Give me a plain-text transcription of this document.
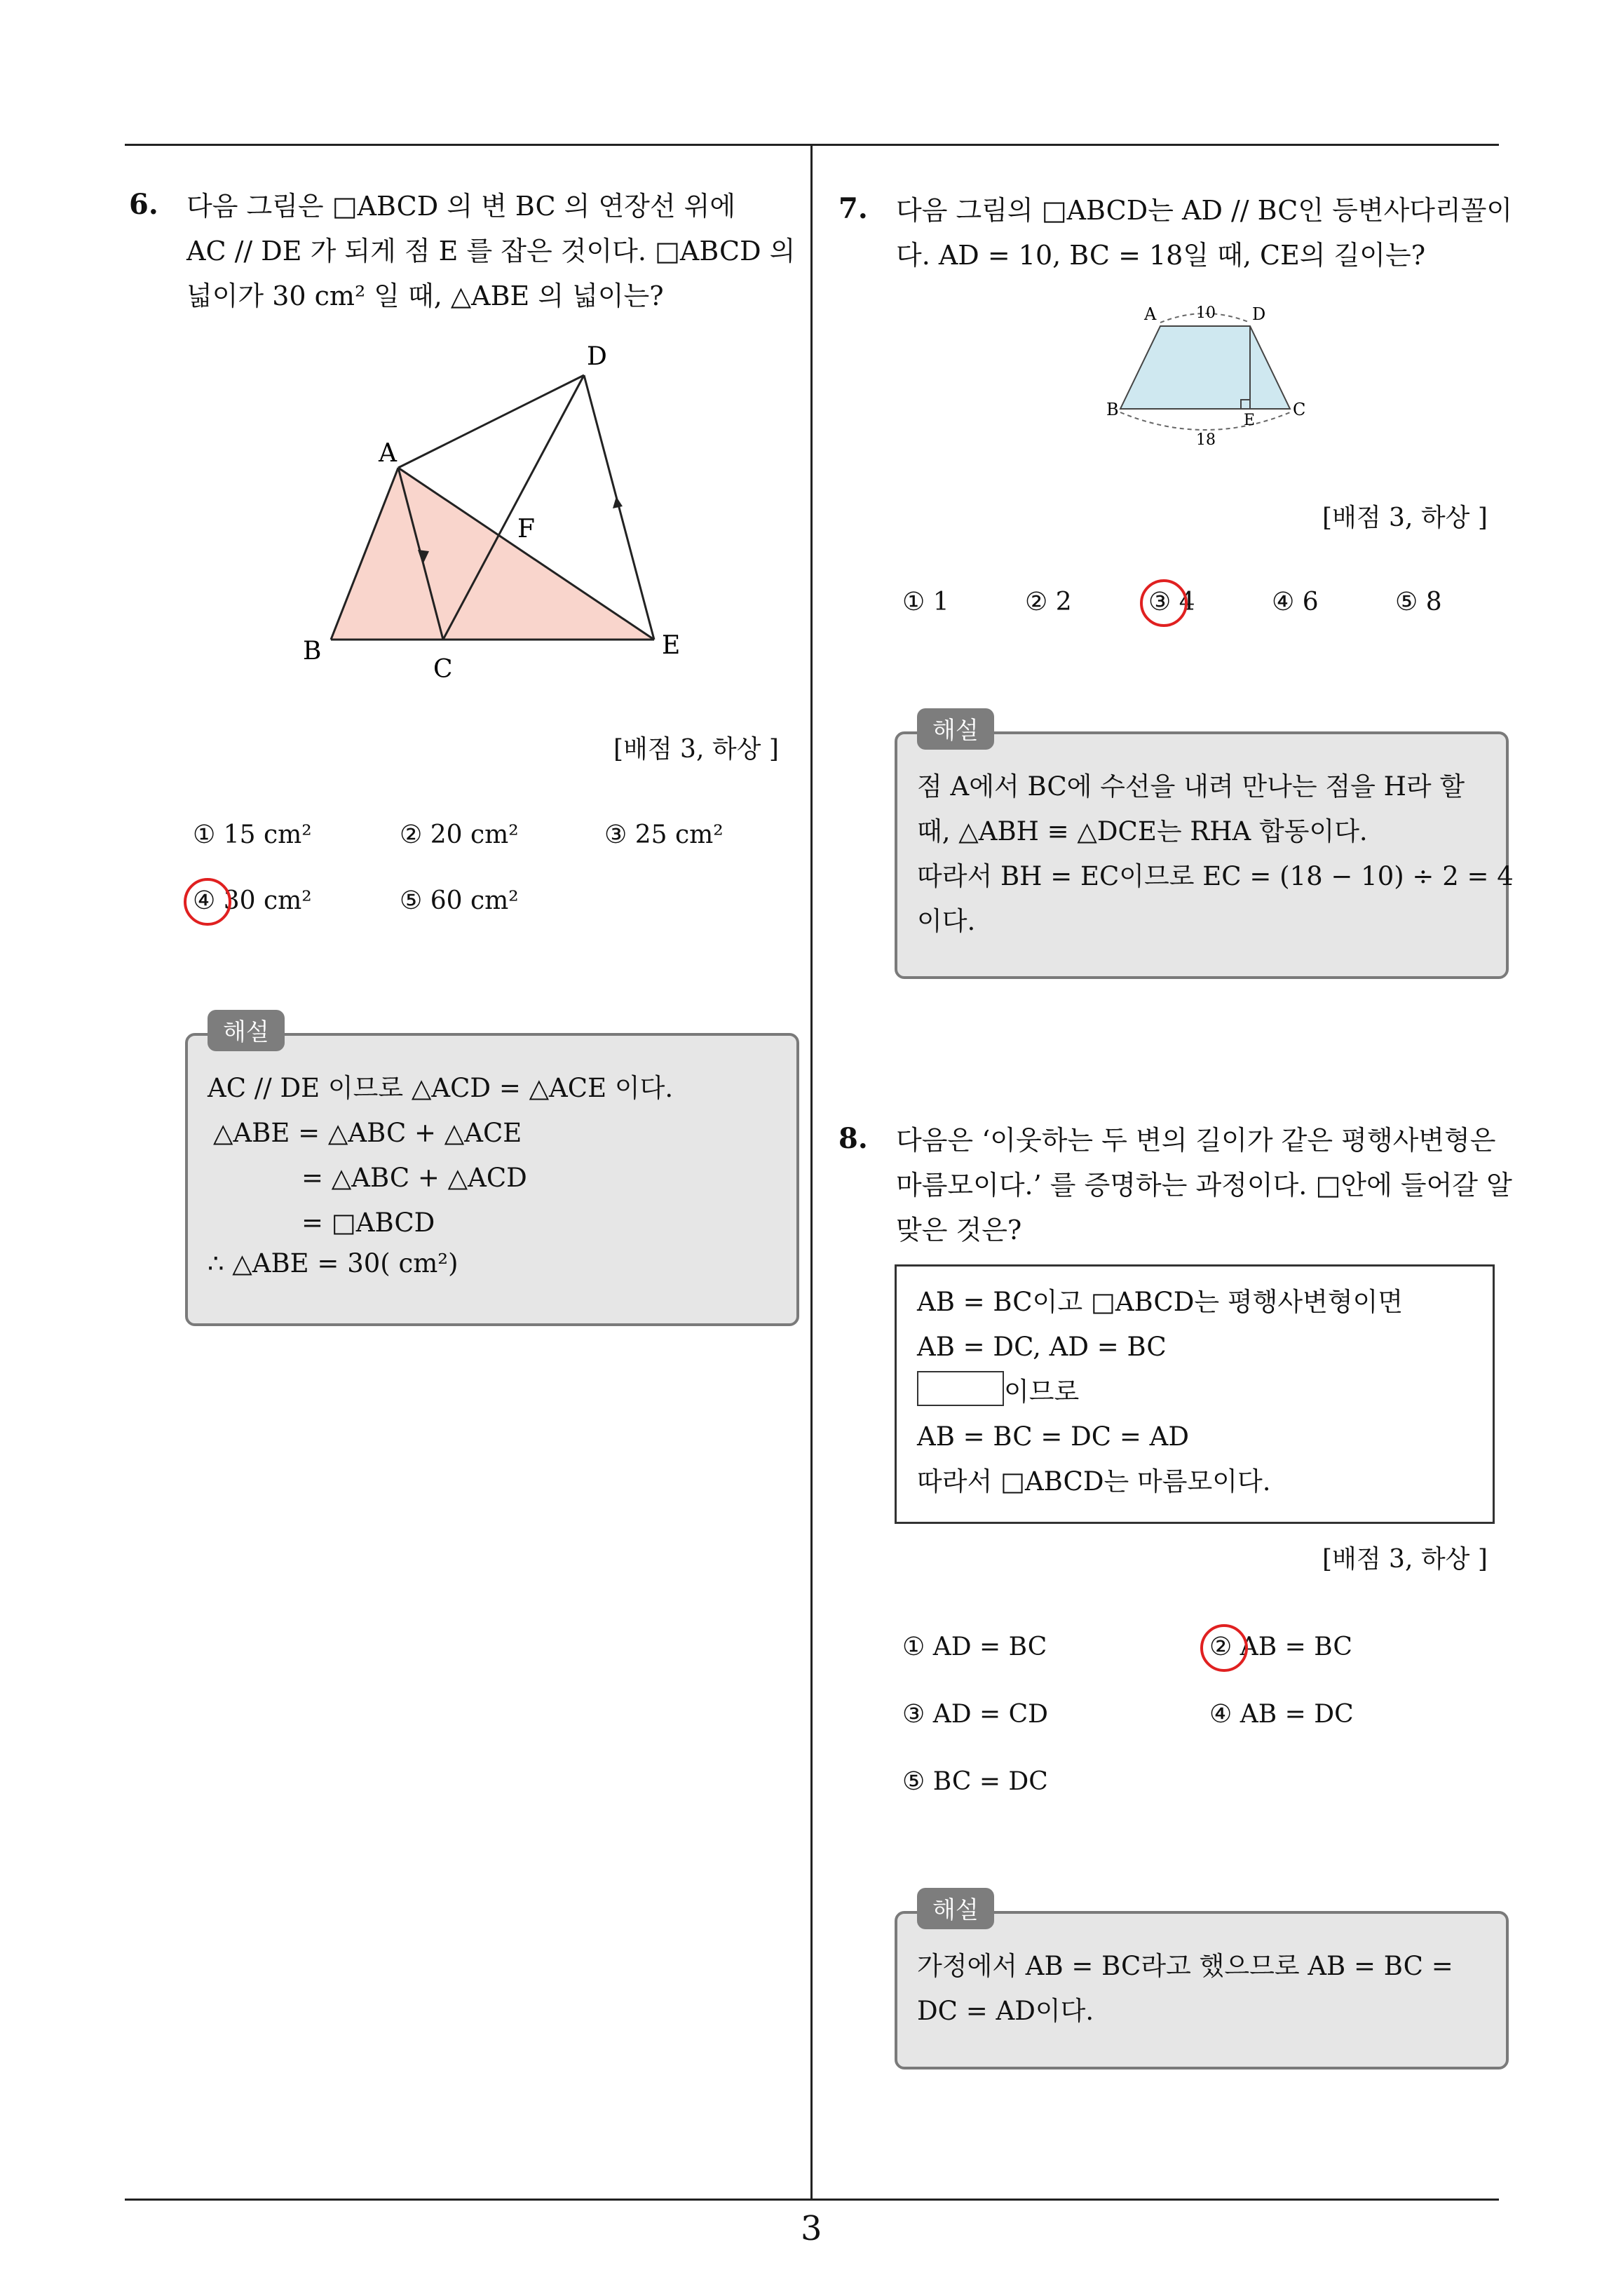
3
6. 다음 그림은 □ABCD 의 변 BC 의 연장선 위에
AC // DE 가 되게 점 E 를 잡은 것이다. □ABCD 의
넓이가 30 cm² 일 때, △ABE 의 넓이는?
A
B
C
D
E
F
[배점 3, 하상 ]
① 15 cm²	② 20 cm²	③ 25 cm²
④ 30 cm²	⑤ 60 cm²
해설
AC // DE 이므로 △ACD = △ACE 이다.
△ABE = △ABC + △ACE
= △ABC + △ACD
= □ABCD
∴ △ABE = 30( cm²)
7. 다음 그림의 □ABCD는 AD // BC인 등변사다리꼴이
다. AD = 10, BC = 18일 때, CE의 길이는?
10
18
A	D
B	C
E
[배점 3, 하상 ]
① 1	② 2	③ 4	④ 6	⑤ 8
해설
점 A에서 BC에 수선을 내려 만나는 점을 H라 할
때, △ABH ≡ △DCE는 RHA 합동이다.
따라서 BH = EC이므로 EC = (18 − 10) ÷ 2 = 4
이다.
8. 다음은 ‘이웃하는 두 변의 길이가 같은 평행사변형은
마름모이다.’ 를 증명하는 과정이다. □안에 들어갈 알
맞은 것은?
AB = BC이고 □ABCD는 평행사변형이면
AB = DC, AD = BC
이므로
AB = BC = DC = AD
따라서 □ABCD는 마름모이다.
[배점 3, 하상 ]
① AD = BC	② AB = BC
③ AD = CD	④ AB = DC
⑤ BC = DC
해설
가정에서 AB = BC라고 했으므로 AB = BC =
DC = AD이다.
